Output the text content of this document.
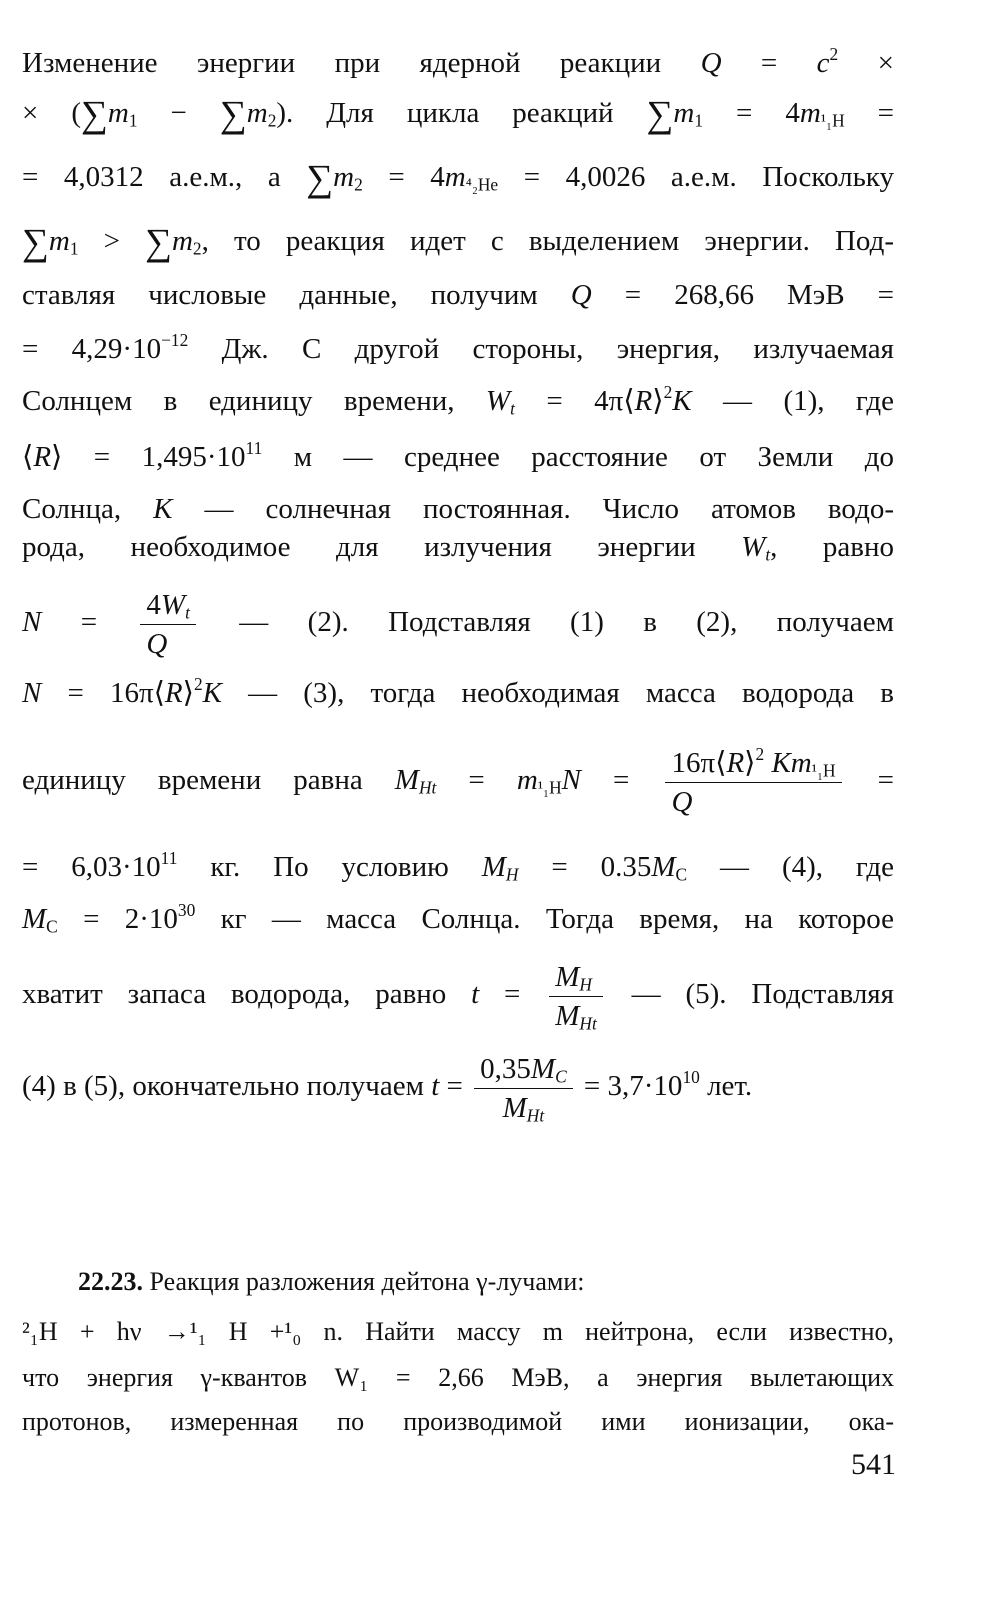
Изменение энергии при ядерной реакции $Q = c^2$ ×
× $(\sum m_1 - \sum m_2)$. Для цикла реакций $\sum m_1 = 4m_{^1_1H}$ =
= 4,0312 а.е.м., а $\sum m_2 = 4m_{^4_2He} = 4,0026$ а.е.м. Поскольку
$\sum m_1 > \sum m_2$, то реакция идет с выделением энергии. Под-
ставляя числовые данные, получим Q = 268,66 МэВ =
= $4,29\cdot 10^{-12}$ Дж. С другой стороны, энергия, излучаемая
Солнцем в единицу времени, $W_t$ = 4π⟨R⟩$^2$K — (1), где
⟨R⟩ = $1,495\cdot 10^{11}$ м — среднее расстояние от Земли до
Солнца, K — солнечная постоянная. Число атомов водо-
рода, необходимое для излучения энергии $W_t$, равно
$N = \frac{4W_t}{Q}$ — (2). Подставляя (1) в (2), получаем
N = 16π⟨R⟩$^2$K — (3), тогда необходимая масса водорода в
единицу времени равна $M_{Ht} = m_{^1_1H}N = \frac{16\pi⟨R⟩^2 Km_{^1_1H}}{Q}$ =
= $6,03\cdot 10^{11}$ кг. По условию $M_H = 0.35M_C$ — (4), где
$M_C = 2\cdot 10^{30}$ кг — масса Солнца. Тогда время, на которое
хватит запаса водорода, равно $t = \frac{M_H}{M_{Ht}}$ — (5). Подставляя
(4) в (5), окончательно получаем $t = \frac{0,35M_C}{M_{Ht}} = 3,7\cdot 10^{10}$ лет.
22.23. Реакция разложения дейтона γ-лучами:
²₁H + hν →¹₁ H +¹₀ n. Найти массу m нейтрона, если известно,
что энергия γ-квантов W₁ = 2,66 МэВ, а энергия вылетающих
протонов, измеренная по производимой ими ионизации, ока-
541
